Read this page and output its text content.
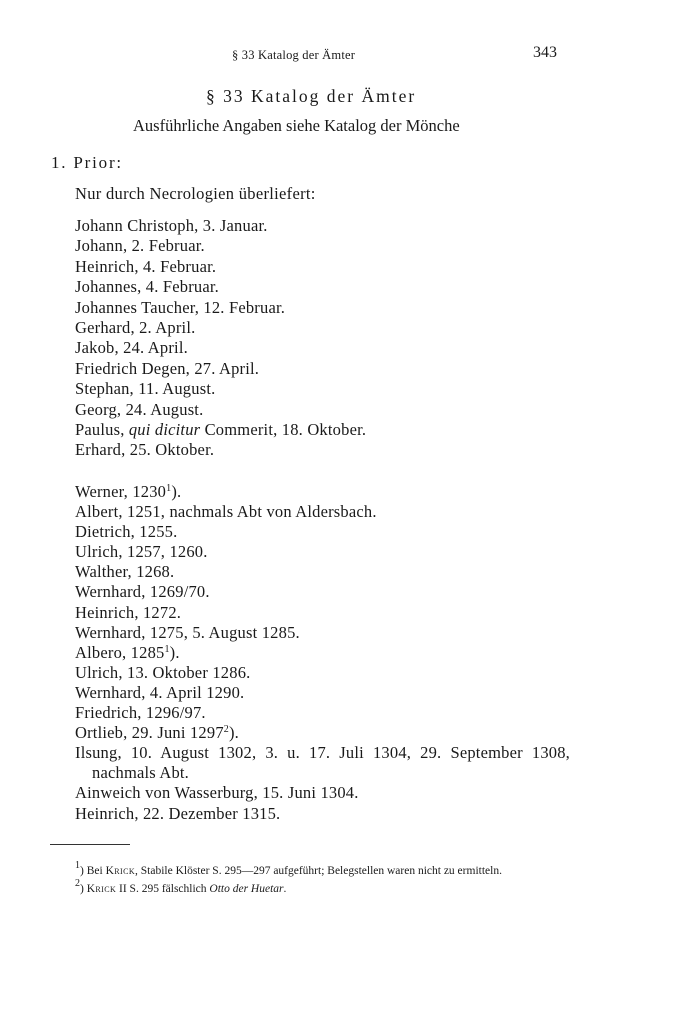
§ 33 Katalog der Ämter	343
§ 33 Katalog der Ämter
Ausführliche Angaben siehe Katalog der Mönche
1. Prior:
Nur durch Necrologien überliefert:
Johann Christoph, 3. Januar.
Johann, 2. Februar.
Heinrich, 4. Februar.
Johannes, 4. Februar.
Johannes Taucher, 12. Februar.
Gerhard, 2. April.
Jakob, 24. April.
Friedrich Degen, 27. April.
Stephan, 11. August.
Georg, 24. August.
Paulus, qui dicitur Commerit, 18. Oktober.
Erhard, 25. Oktober.
Werner, 1230$^1$).
Albert, 1251, nachmals Abt von Aldersbach.
Dietrich, 1255.
Ulrich, 1257, 1260.
Walther, 1268.
Wernhard, 1269/70.
Heinrich, 1272.
Wernhard, 1275, 5. August 1285.
Albero, 1285$^1$).
Ulrich, 13. Oktober 1286.
Wernhard, 4. April 1290.
Friedrich, 1296/97.
Ortlieb, 29. Juni 1297$^2$).
Ilsung, 10. August 1302, 3. u. 17. Juli 1304, 29. September 1308, nachmals Abt.
Ainweich von Wasserburg, 15. Juni 1304.
Heinrich, 22. Dezember 1315.

$^1$) Bei Krick, Stabile Klöster S. 295—297 aufgeführt; Belegstellen waren nicht zu ermitteln.

$^2$) Krick II S. 295 fälschlich Otto der Huetar.
